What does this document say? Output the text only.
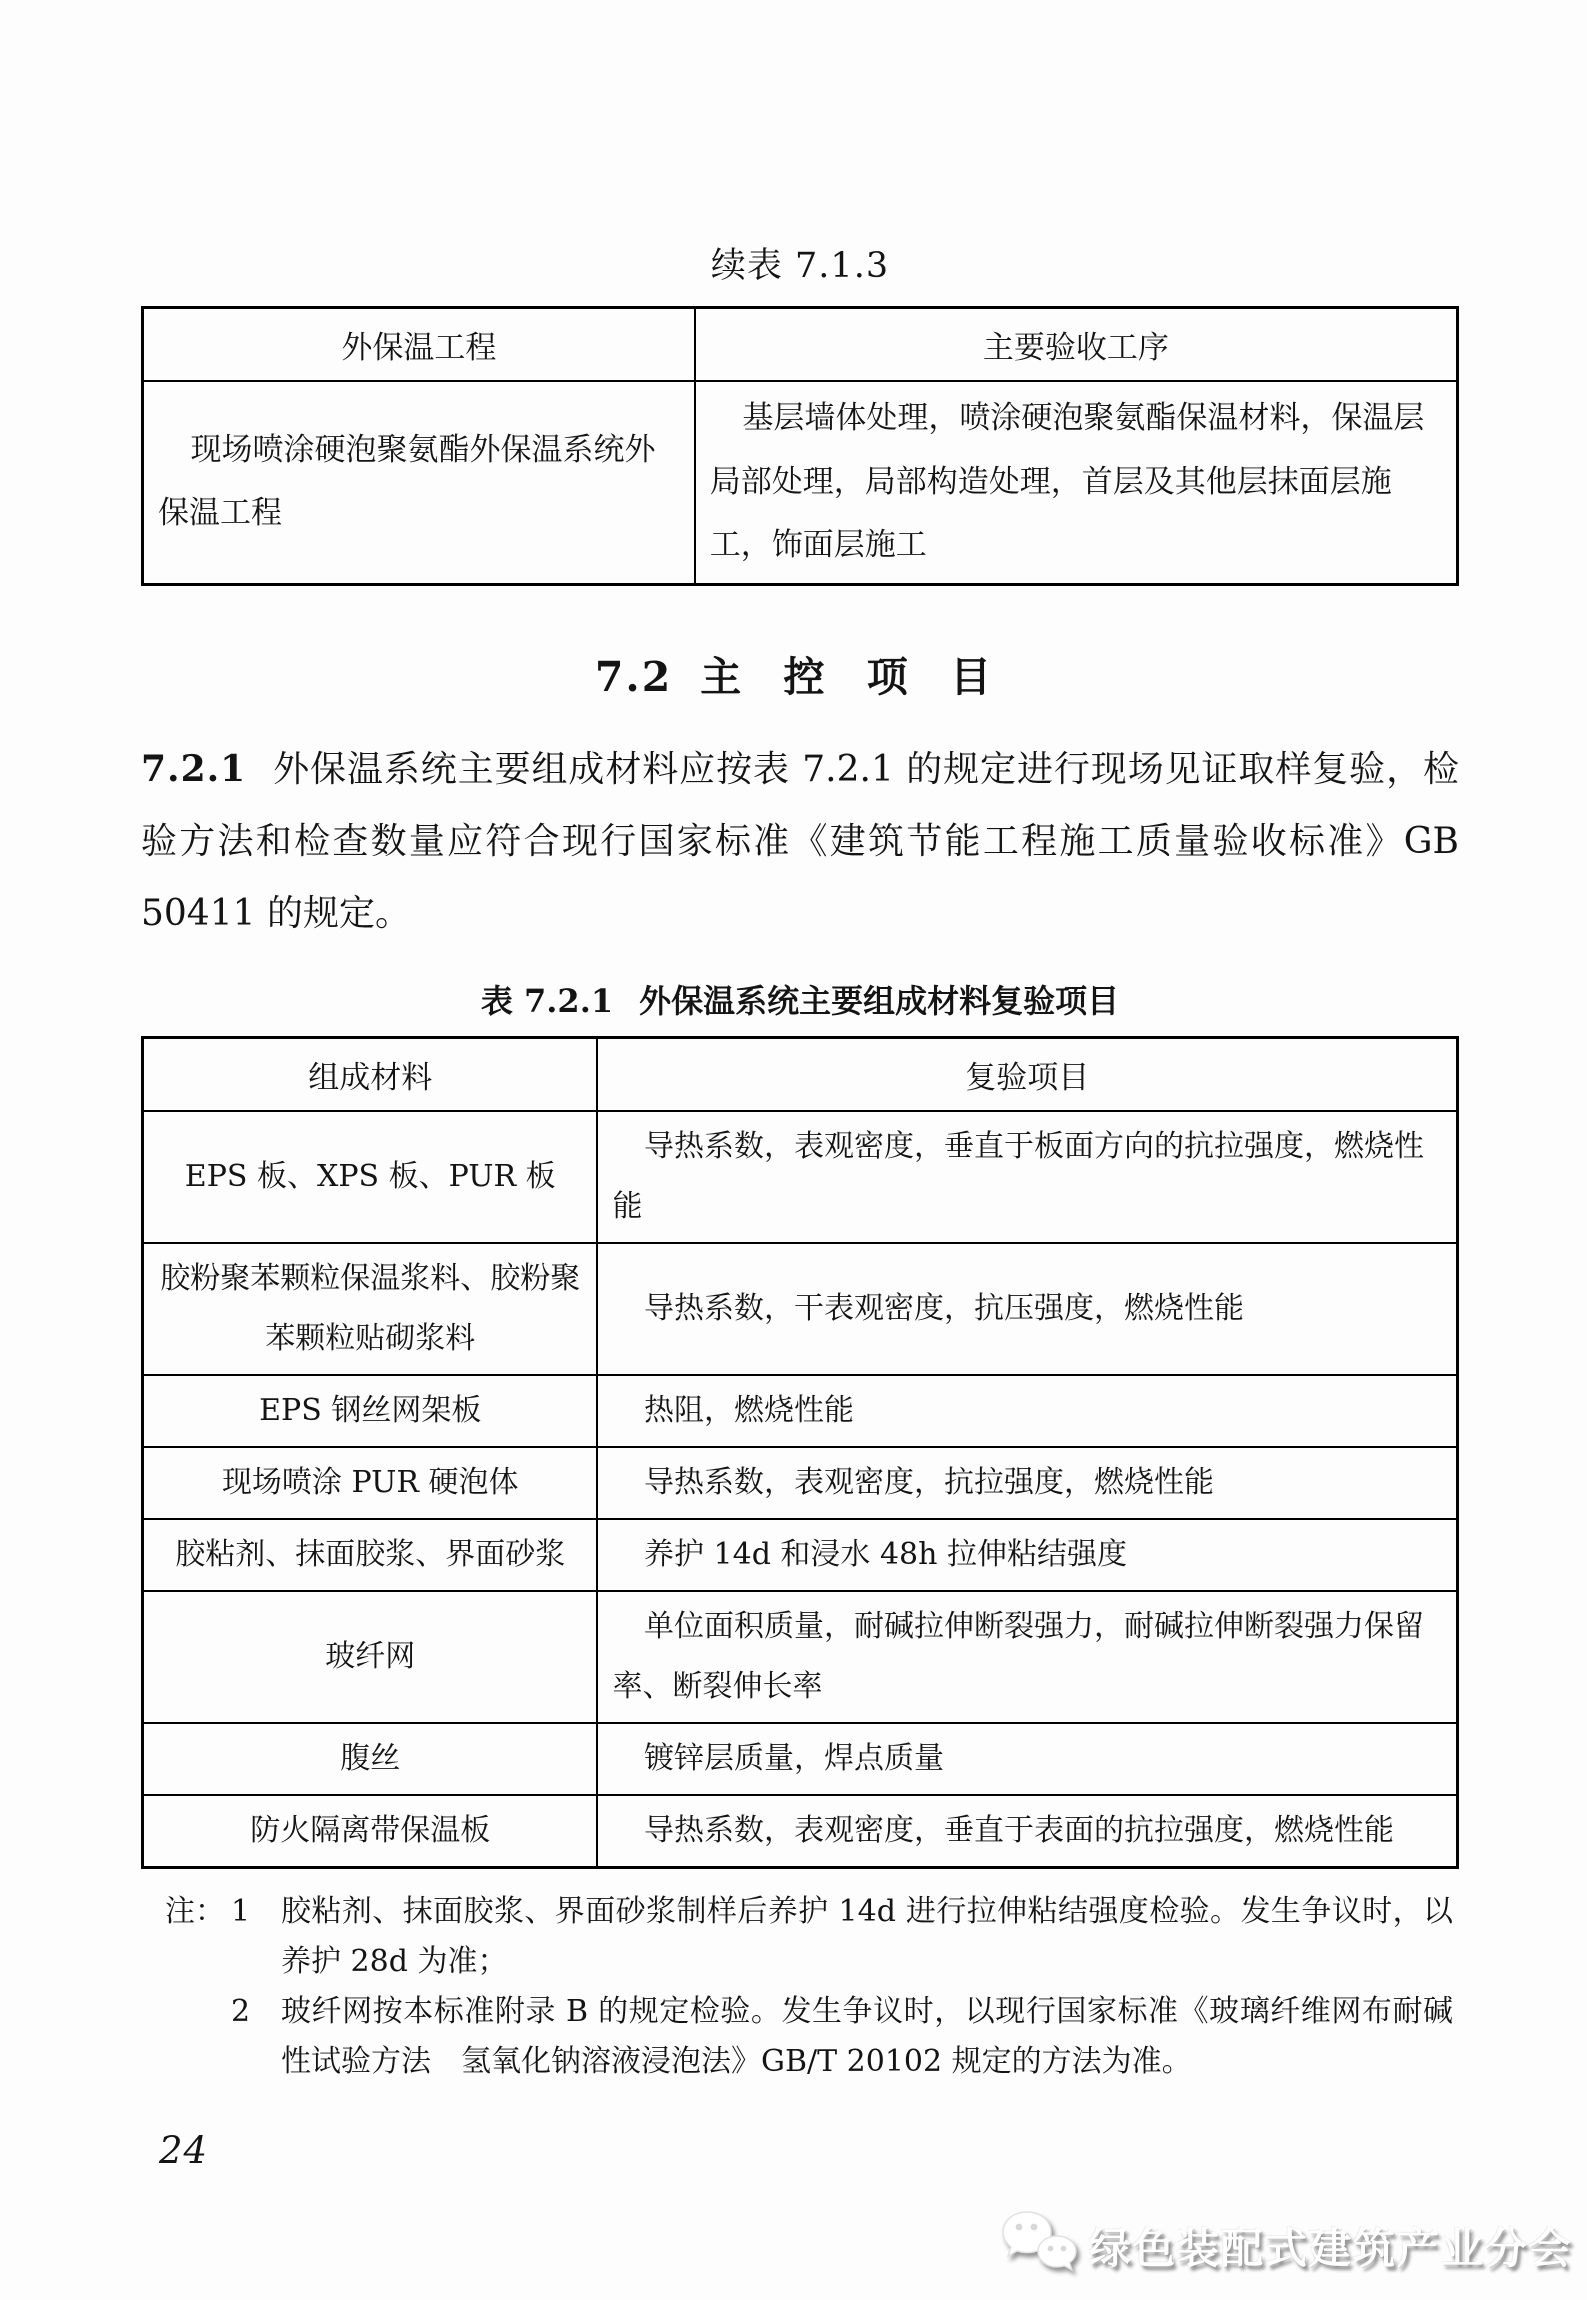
续表 7.1.3
外保温工程	主要验收工序
现场喷涂硬泡聚氨酯外保温系统外保温工程	基层墙体处理，喷涂硬泡聚氨酯保温材料，保温层局部处理，局部构造处理，首层及其他层抹面层施工，饰面层施工
7.2 主 控 项 目

7.2.1 外保温系统主要组成材料应按表 7.2.1 的规定进行现场见证取样复验，检验方法和检查数量应符合现行国家标准《建筑节能工程施工质量验收标准》GB 50411 的规定。

表 7.2.1 外保温系统主要组成材料复验项目
组成材料	复验项目
EPS 板、XPS 板、PUR 板	导热系数，表观密度，垂直于板面方向的抗拉强度，燃烧性能
胶粉聚苯颗粒保温浆料、胶粉聚苯颗粒贴砌浆料	导热系数，干表观密度，抗压强度，燃烧性能
EPS 钢丝网架板	热阻，燃烧性能
现场喷涂 PUR 硬泡体	导热系数，表观密度，抗拉强度，燃烧性能
胶粘剂、抹面胶浆、界面砂浆	养护 14d 和浸水 48h 拉伸粘结强度
玻纤网	单位面积质量，耐碱拉伸断裂强力，耐碱拉伸断裂强力保留率、断裂伸长率
腹丝	镀锌层质量，焊点质量
防火隔离带保温板	导热系数，表观密度，垂直于表面的抗拉强度，燃烧性能
注： 1	胶粘剂、抹面胶浆、界面砂浆制样后养护 14d 进行拉伸粘结强度检验。发生争议时，以养护 28d 为准；
2	玻纤网按本标准附录 B 的规定检验。发生争议时，以现行国家标准《玻璃纤维网布耐碱性试验方法　氢氧化钠溶液浸泡法》GB/T 20102 规定的方法为准。
24
绿色装配式建筑产业分会
